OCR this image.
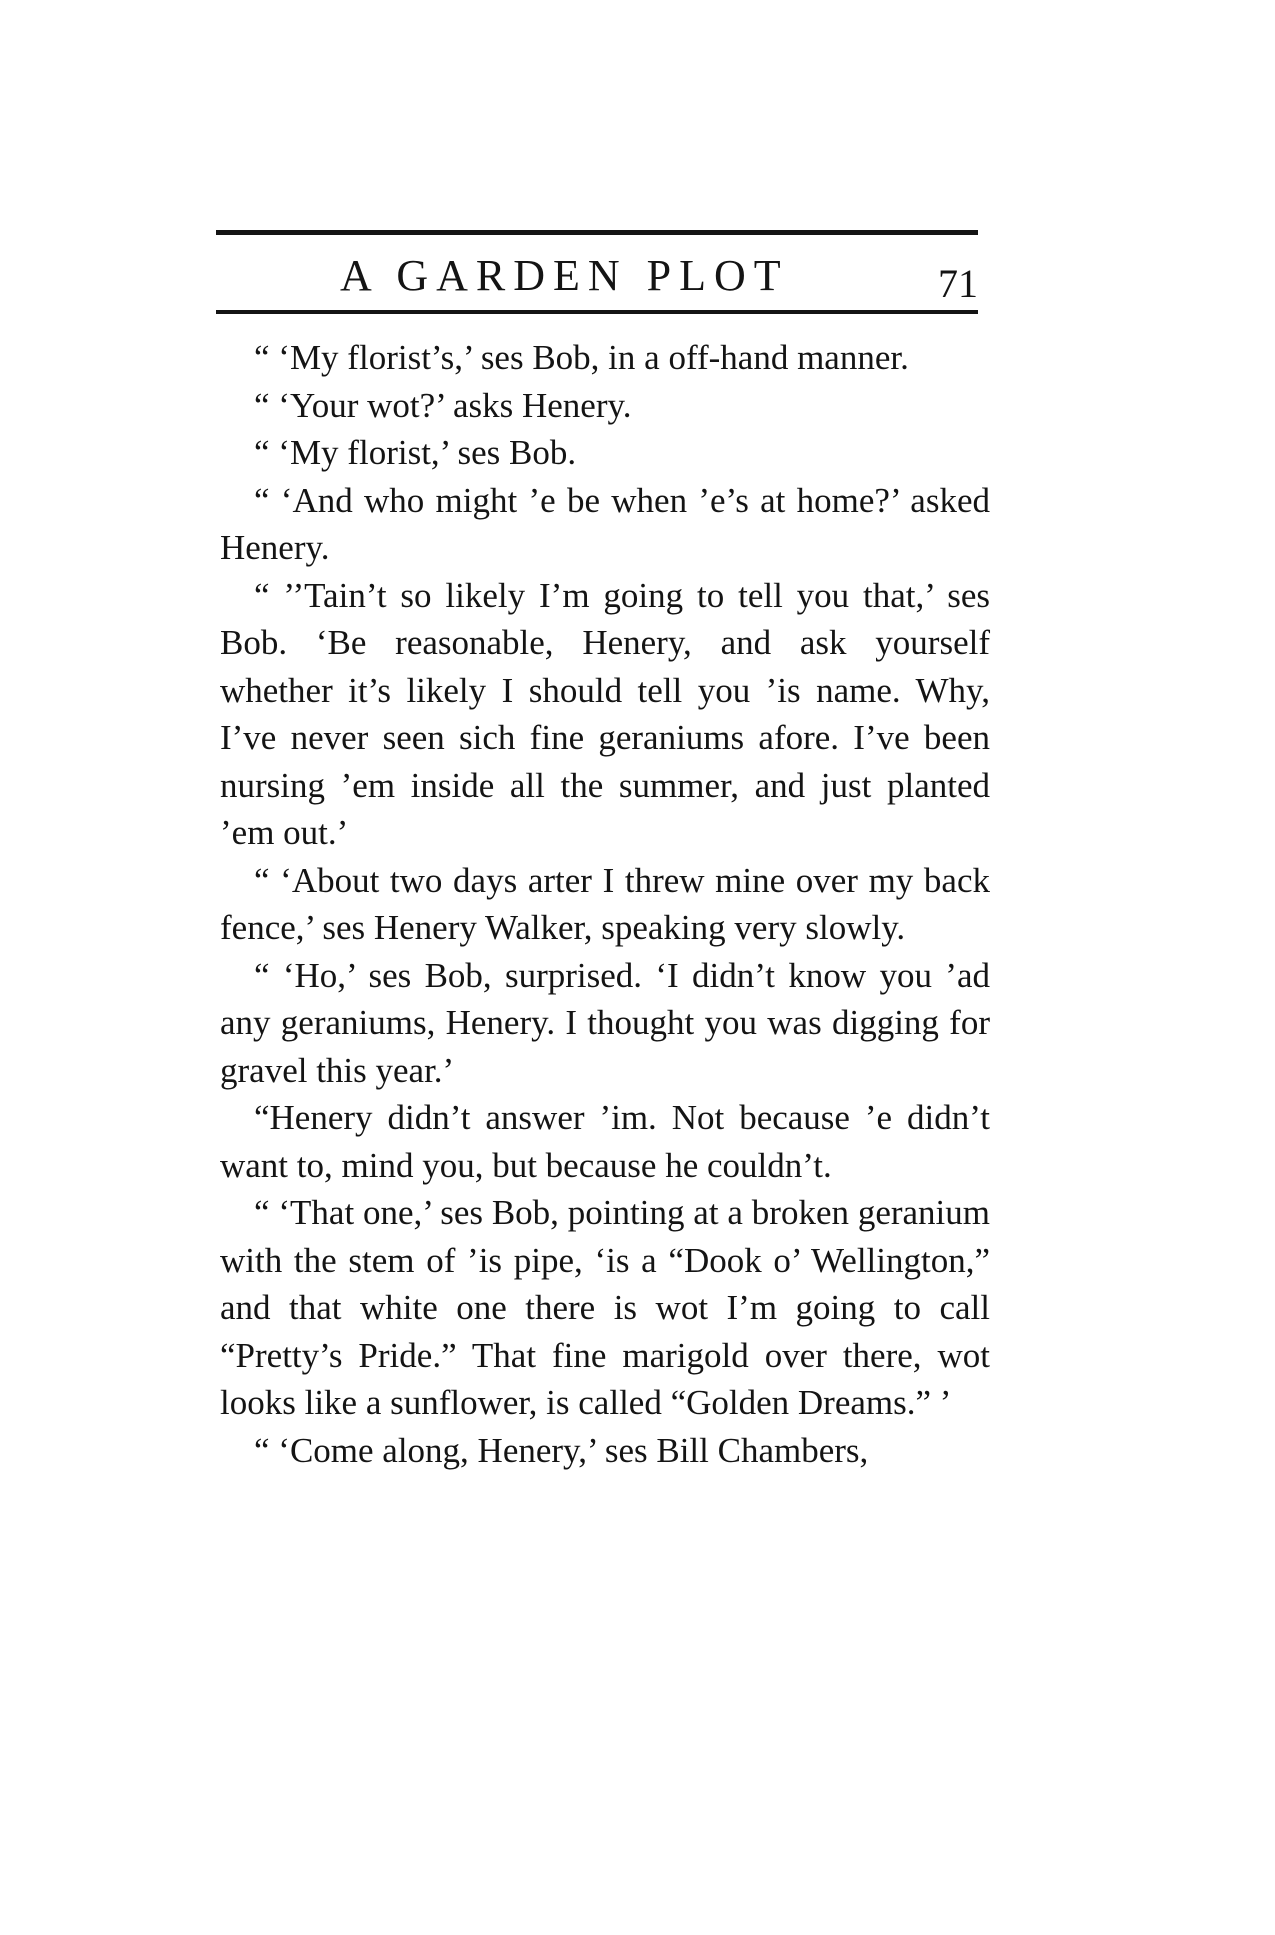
A GARDEN PLOT	71

“ ‘My florist’s,’ ses Bob, in a off-hand manner.

“ ‘Your wot?’ asks Henery.

“ ‘My florist,’ ses Bob.

“ ‘And who might ’e be when ’e’s at home?’ asked Henery.

“ ’’Tain’t so likely I’m going to tell you that,’ ses Bob. ‘Be reasonable, Henery, and ask yourself whether it’s likely I should tell you ’is name. Why, I’ve never seen sich fine geraniums afore. I’ve been nursing ’em inside all the summer, and just planted ’em out.’

“ ‘About two days arter I threw mine over my back fence,’ ses Henery Walker, speaking very slowly.

“ ‘Ho,’ ses Bob, surprised. ‘I didn’t know you ’ad any geraniums, Henery. I thought you was digging for gravel this year.’

“Henery didn’t answer ’im. Not because ’e didn’t want to, mind you, but because he couldn’t.

“ ‘That one,’ ses Bob, pointing at a broken geranium with the stem of ’is pipe, ‘is a “Dook o’ Wellington,” and that white one there is wot I’m going to call “Pretty’s Pride.” That fine marigold over there, wot looks like a sunflower, is called “Golden Dreams.” ’

“ ‘Come along, Henery,’ ses Bill Chambers,
